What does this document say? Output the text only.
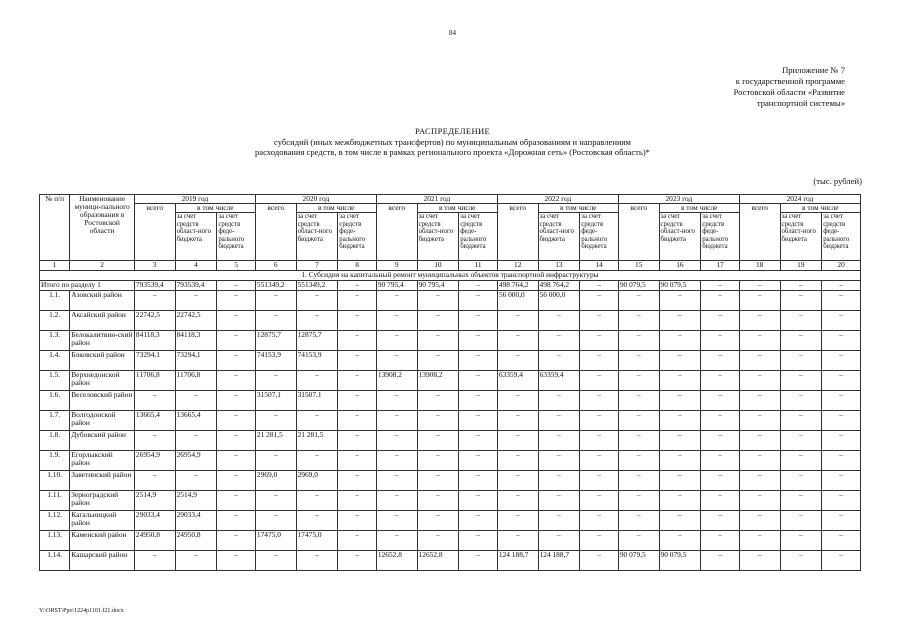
84
Приложение № 7
к государственной программе
Ростовской области «Развитие
транспортной системы»
РАСПРЕДЕЛЕНИЕ
субсидий (иных межбюджетных трансфертов) по муниципальным образованиям и направлениям
расходования средств, в том числе в рамках регионального проекта «Дорожная сеть» (Ростовская область)*
(тыс. рублей)
№ п/п	Наименование муници-пального образования в Ростовской области	2019 год			2020 год			2021 год			2022 год			2023 год			2024 год		
		всего	в том числе		всего	в том числе		всего	в том числе		всего	в том числе		всего	в том числе		всего	в том числе	
			за счет средств област-ного бюджета	за счет средств феде-рального бюджета		за счет средств област-ного бюджета	за счет средств феде-рального бюджета		за счет средств област-ного бюджета	за счет средств феде-рального бюджета		за счет средств област-ного бюджета	за счет средств феде-рального бюджета		за счет средств област-ного бюджета	за счет средств феде-рального бюджета		за счет средств област-ного бюджета	за счет средств феде-рального бюджета
1	2	3	4	5	6	7	8	9	10	11	12	13	14	15	16	17	18	19	20
1. Субсидия на капитальный ремонт муниципальных объектов транспортной инфраструктуры																			
Итого по разделу 1		793539,4	793539,4	–	551349,2	551349,2	–	90 795,4	90 795,4	–	498 764,2	498 764,2	–	90 079,5	90 079,5	–	–	–	–
1.1.	Азовский район	–	–	–	–	–	–	–	–	–	56 000,0	56 000,0	–	–	–	–	–	–	–
1.2.	Аксайский район	22742,5	22742,5	–	–	–	–	–	–	–	–	–	–	–	–	–	–	–	–
1.3.	Белокалитвин-ский район	84118,3	84118,3	–	12875,7	12875,7	–	–	–	–	–	–	–	–	–	–	–	–	–
1.4.	Боковский район	73294,1	73294,1	–	74153,9	74153,9	–	–	–	–	–	–	–	–	–	–	–	–	–
1.5.	Верхнедонской район	11706,8	11706,8	–	–	–	–	13908,2	13908,2	–	63359,4	63359,4	–	–	–	–	–	–	–
1.6.	Веселовский район	–	–	–	31507,1	31507,1	–	–	–	–	–	–	–	–	–	–	–	–	–
1.7.	Волгодонской район	13665,4	13665,4	–	–	–	–	–	–	–	–	–	–	–	–	–	–	–	–
1.8.	Дубовский район	–	–	–	21 281,5	21 281,5	–	–	–	–	–	–	–	–	–	–	–	–	–
1.9.	Егорлыкский район	26954,9	26954,9	–	–	–	–	–	–	–	–	–	–	–	–	–	–	–	–
1.10.	Заветинский район	–	–	–	2969,0	2969,0	–	–	–	–	–	–	–	–	–	–	–	–	–
1.11.	Зерноградский район	2514,9	2514,9	–	–	–	–	–	–	–	–	–	–	–	–	–	–	–	–
1.12.	Кагальницкий район	29033,4	29033,4	–	–	–	–	–	–	–	–	–	–	–	–	–	–	–	–
1.13.	Каменский район	24950,8	24950,8	–	17475,0	17475,0	–	–	–	–	–	–	–	–	–	–	–	–	–
1.14.	Кашарский район	–	–	–	–	–	–	12652,8	12652,8	–	124 188,7	124 188,7	–	90 079,5	90 079,5	–	–	–	–
Y:\ORST\Ppo\1224p1101.f21.docx
